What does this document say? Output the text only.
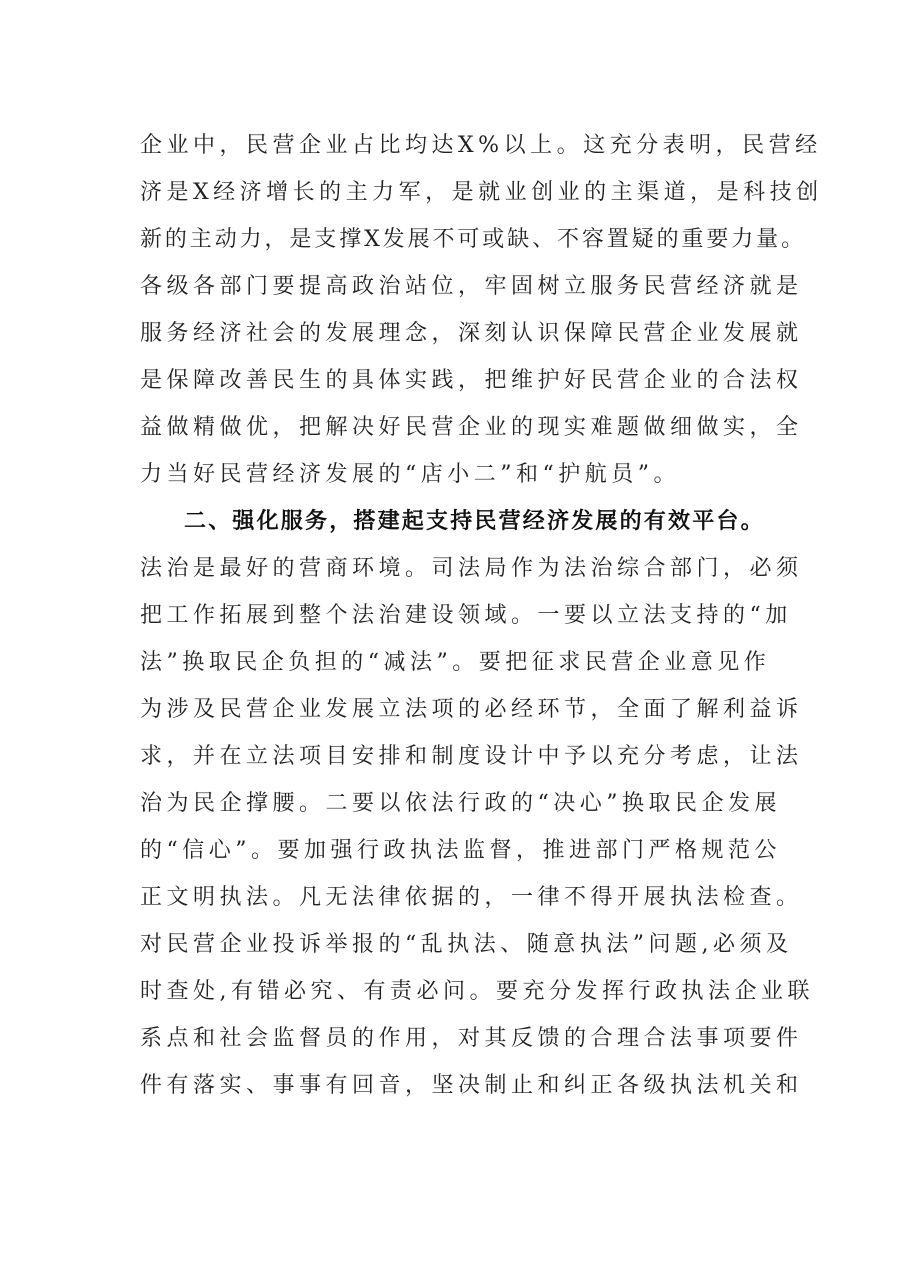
企业中，民营企业占比均达X%以上。这充分表明，民营经
济是X经济增长的主力军，是就业创业的主渠道，是科技创
新的主动力，是支撑X发展不可或缺、不容置疑的重要力量。
各级各部门要提高政治站位，牢固树立服务民营经济就是
服务经济社会的发展理念，深刻认识保障民营企业发展就
是保障改善民生的具体实践，把维护好民营企业的合法权
益做精做优，把解决好民营企业的现实难题做细做实，全
力当好民营经济发展的“店小二”和“护航员”。
二、强化服务，搭建起支持民营经济发展的有效平台。
法治是最好的营商环境。司法局作为法治综合部门，必须
把工作拓展到整个法治建设领域。一要以立法支持的“加
法”换取民企负担的“减法”。要把征求民营企业意见作
为涉及民营企业发展立法项的必经环节，全面了解利益诉
求，并在立法项目安排和制度设计中予以充分考虑，让法
治为民企撑腰。二要以依法行政的“决心”换取民企发展
的“信心”。要加强行政执法监督，推进部门严格规范公
正文明执法。凡无法律依据的，一律不得开展执法检查。
对民营企业投诉举报的“乱执法、随意执法”问题,必须及
时查处,有错必究、有责必问。要充分发挥行政执法企业联
系点和社会监督员的作用，对其反馈的合理合法事项要件
件有落实、事事有回音，坚决制止和纠正各级执法机关和
